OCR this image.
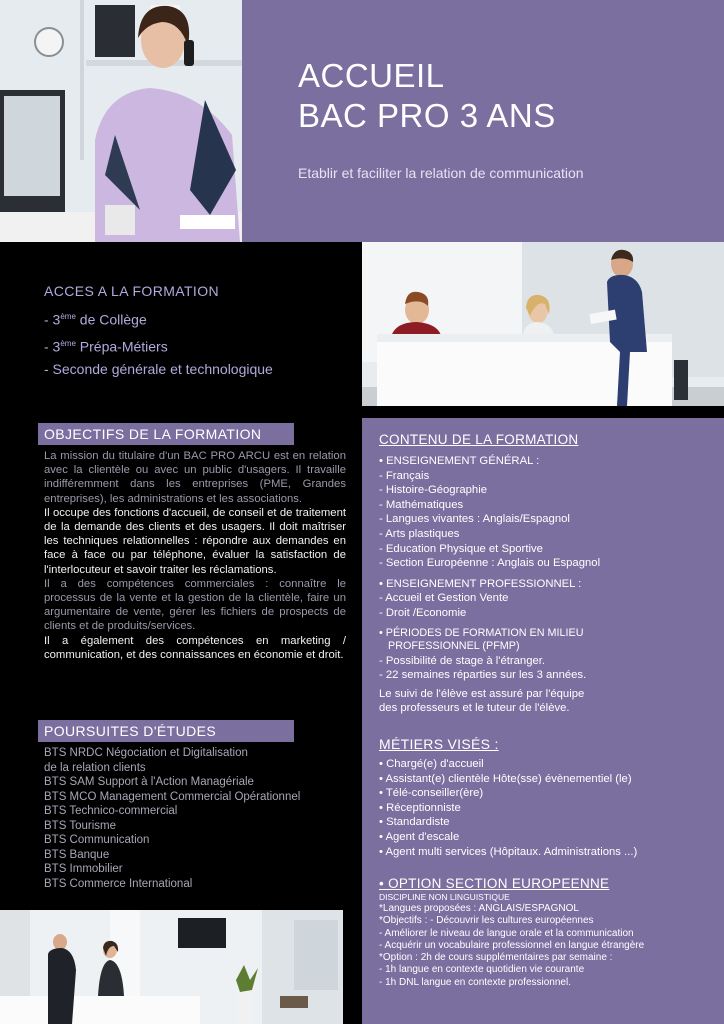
ACCUEIL
BAC PRO 3 ANS
Etablir et faciliter la relation de communication
ACCES A LA FORMATION
- 3ème de Collège
- 3ème Prépa-Métiers
- Seconde générale et technologique
OBJECTIFS DE LA FORMATION

La mission du titulaire d'un BAC PRO ARCU est en relation avec la clientèle ou avec un public d'usagers. Il travaille indifféremment dans les entreprises (PME, Grandes entreprises), les administrations et les associations.

Il occupe des fonctions d'accueil, de conseil et de traitement de la demande des clients et des usagers. Il doit maîtriser les techniques relationnelles : répondre aux demandes en face à face ou par téléphone, évaluer la satisfaction de l'interlocuteur et savoir traiter les réclamations.

Il a des compétences commerciales : connaître le processus de la vente et la gestion de la clientèle, faire un argumentaire de vente, gérer les fichiers de prospects de clients et de produits/services.

Il a également des compétences en marketing / communication, et des connaissances en économie et droit.

POURSUITES D'ÉTUDES
BTS NRDC Négociation et Digitalisation
de la relation clients
BTS SAM Support à l'Action Managériale
BTS MCO Management Commercial Opérationnel
BTS Technico-commercial
BTS Tourisme
BTS Communication
BTS Banque
BTS Immobilier
BTS Commerce International
CONTENU DE LA FORMATION
• ENSEIGNEMENT GÉNÉRAL :
- Français
- Histoire-Géographie
- Mathématiques
- Langues vivantes : Anglais/Espagnol
- Arts plastiques
- Education Physique et Sportive
- Section Européenne : Anglais ou Espagnol
• ENSEIGNEMENT PROFESSIONNEL :
- Accueil et Gestion Vente
- Droit /Economie
• PÉRIODES DE FORMATION EN MILIEU
PROFESSIONNEL (PFMP)
- Possibilité de stage à l'étranger.
- 22 semaines réparties sur les 3 années.
Le suivi de l'élève est assuré par l'équipe
des professeurs et le tuteur de l'élève.
MÉTIERS VISÉS :
• Chargé(e) d'accueil
• Assistant(e) clientèle Hôte(sse) évènementiel (le)
• Télé-conseiller(ère)
• Réceptionniste
• Standardiste
• Agent d'escale
• Agent multi services (Hôpitaux. Administrations ...)
• OPTION SECTION EUROPEENNE
DISCIPLINE NON LINGUISTIQUE
*Langues proposées : ANGLAIS/ESPAGNOL
*Objectifs : - Découvrir les cultures européennes
- Améliorer le niveau de langue orale et la communication
- Acquérir un vocabulaire professionnel en langue étrangère
*Option : 2h de cours supplémentaires par semaine :
- 1h langue en contexte quotidien vie courante
- 1h DNL langue en contexte professionnel.
